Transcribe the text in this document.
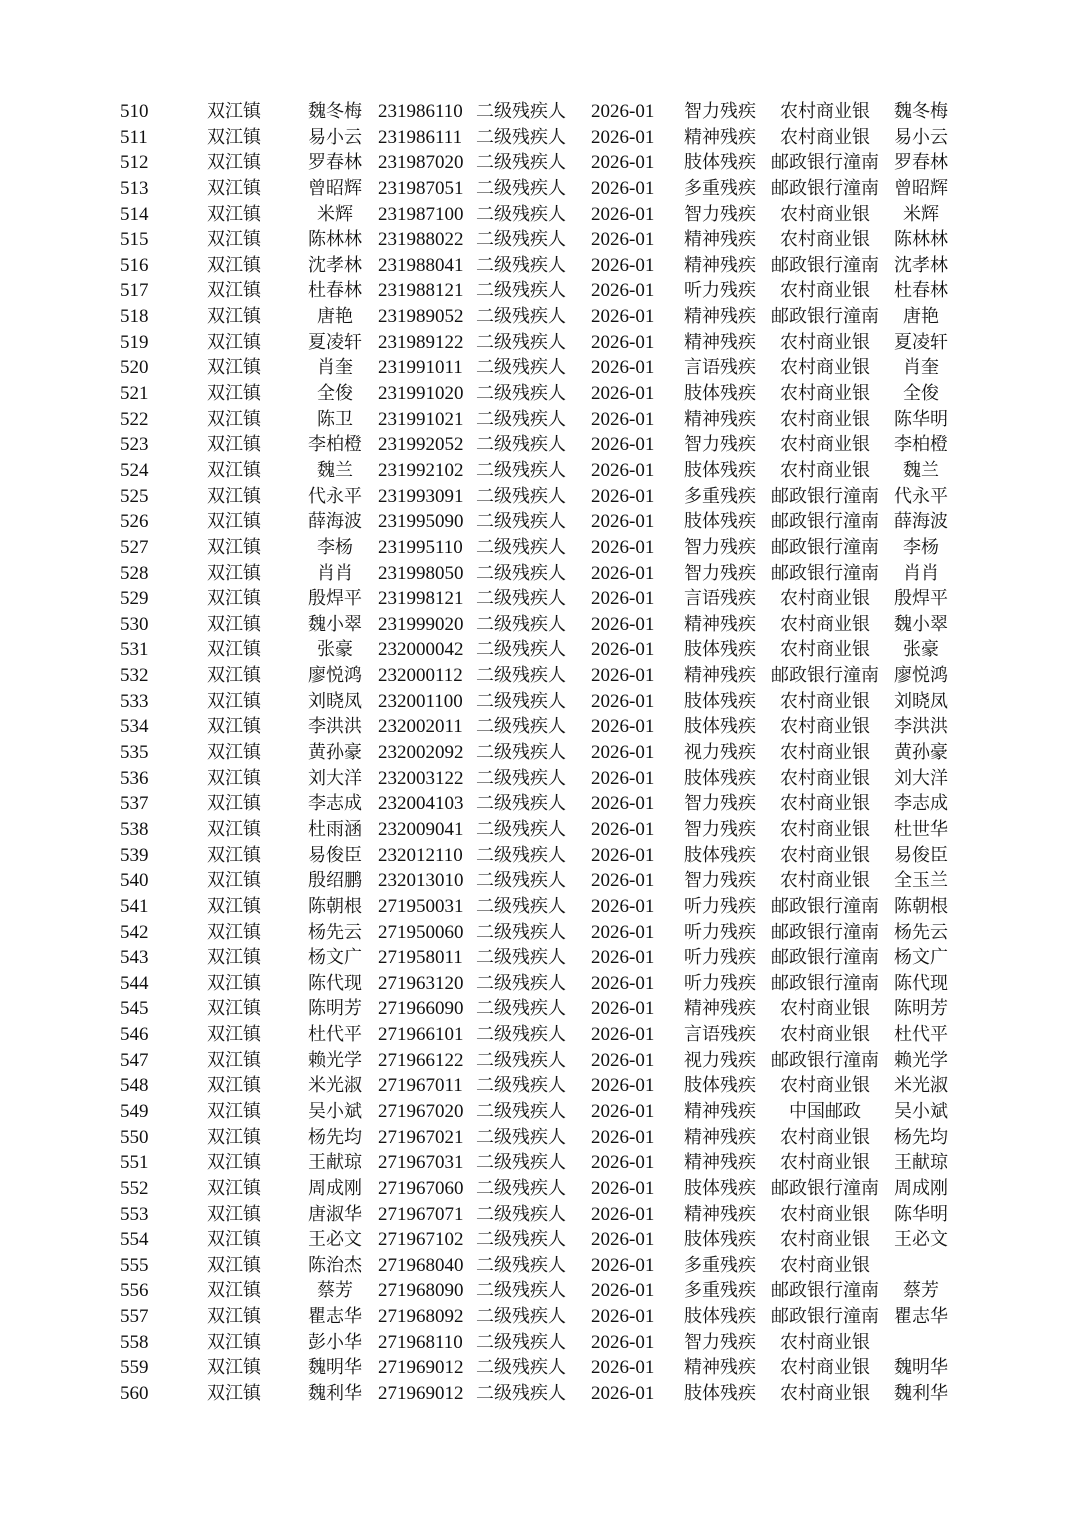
510	双江镇	魏冬梅 231986110 二级残疾人	2026-01	智力残疾	农村商业银	魏冬梅
511	双江镇	易小云 231986111 二级残疾人	2026-01	精神残疾	农村商业银	易小云
512	双江镇	罗春林 231987020 二级残疾人	2026-01	肢体残疾 邮政银行潼南 罗春林
513	双江镇	曾昭辉 231987051 二级残疾人	2026-01	多重残疾 邮政银行潼南 曾昭辉
514	双江镇	米辉	231987100 二级残疾人	2026-01	智力残疾	农村商业银	米辉
515	双江镇	陈林林 231988022 二级残疾人	2026-01	精神残疾	农村商业银	陈林林
516	双江镇	沈孝林 231988041 二级残疾人	2026-01	精神残疾 邮政银行潼南 沈孝林
517	双江镇	杜春林 231988121 二级残疾人	2026-01	听力残疾	农村商业银	杜春林
518	双江镇	唐艳	231989052 二级残疾人	2026-01	精神残疾 邮政银行潼南	唐艳
519	双江镇	夏凌轩 231989122 二级残疾人	2026-01	精神残疾	农村商业银	夏凌轩
520	双江镇	肖奎	231991011 二级残疾人	2026-01	言语残疾	农村商业银	肖奎
521	双江镇	全俊	231991020 二级残疾人	2026-01	肢体残疾	农村商业银	全俊
522	双江镇	陈卫	231991021 二级残疾人	2026-01	精神残疾	农村商业银	陈华明
523	双江镇	李柏橙 231992052 二级残疾人	2026-01	智力残疾	农村商业银	李柏橙
524	双江镇	魏兰	231992102 二级残疾人	2026-01	肢体残疾	农村商业银	魏兰
525	双江镇	代永平 231993091 二级残疾人	2026-01	多重残疾 邮政银行潼南 代永平
526	双江镇	薛海波 231995090 二级残疾人	2026-01	肢体残疾 邮政银行潼南 薛海波
527	双江镇	李杨	231995110 二级残疾人	2026-01	智力残疾 邮政银行潼南	李杨
528	双江镇	肖肖	231998050 二级残疾人	2026-01	智力残疾 邮政银行潼南	肖肖
529	双江镇	殷焊平 231998121 二级残疾人	2026-01	言语残疾	农村商业银	殷焊平
530	双江镇	魏小翠 231999020 二级残疾人	2026-01	精神残疾	农村商业银	魏小翠
531	双江镇	张豪	232000042 二级残疾人	2026-01	肢体残疾	农村商业银	张豪
532	双江镇	廖悦鸿 232000112 二级残疾人	2026-01	精神残疾 邮政银行潼南 廖悦鸿
533	双江镇	刘晓凤 232001100 二级残疾人	2026-01	肢体残疾	农村商业银	刘晓凤
534	双江镇	李洪洪 232002011 二级残疾人	2026-01	肢体残疾	农村商业银	李洪洪
535	双江镇	黄孙豪 232002092 二级残疾人	2026-01	视力残疾	农村商业银	黄孙豪
536	双江镇	刘大洋 232003122 二级残疾人	2026-01	肢体残疾	农村商业银	刘大洋
537	双江镇	李志成 232004103 二级残疾人	2026-01	智力残疾	农村商业银	李志成
538	双江镇	杜雨涵 232009041 二级残疾人	2026-01	智力残疾	农村商业银	杜世华
539	双江镇	易俊臣 232012110 二级残疾人	2026-01	肢体残疾	农村商业银	易俊臣
540	双江镇	殷绍鹏 232013010 二级残疾人	2026-01	智力残疾	农村商业银	全玉兰
541	双江镇	陈朝根 271950031 二级残疾人	2026-01	听力残疾 邮政银行潼南 陈朝根
542	双江镇	杨先云 271950060 二级残疾人	2026-01	听力残疾 邮政银行潼南 杨先云
543	双江镇	杨文广 271958011 二级残疾人	2026-01	听力残疾 邮政银行潼南 杨文广
544	双江镇	陈代现 271963120 二级残疾人	2026-01	听力残疾 邮政银行潼南 陈代现
545	双江镇	陈明芳 271966090 二级残疾人	2026-01	精神残疾	农村商业银	陈明芳
546	双江镇	杜代平 271966101 二级残疾人	2026-01	言语残疾	农村商业银	杜代平
547	双江镇	赖光学 271966122 二级残疾人	2026-01	视力残疾 邮政银行潼南 赖光学
548	双江镇	米光淑 271967011 二级残疾人	2026-01	肢体残疾	农村商业银	米光淑
549	双江镇	吴小斌 271967020 二级残疾人	2026-01	精神残疾	中国邮政	吴小斌
550	双江镇	杨先均 271967021 二级残疾人	2026-01	精神残疾	农村商业银	杨先均
551	双江镇	王献琼 271967031 二级残疾人	2026-01	精神残疾	农村商业银	王献琼
552	双江镇	周成刚 271967060 二级残疾人	2026-01	肢体残疾 邮政银行潼南 周成刚
553	双江镇	唐淑华 271967071 二级残疾人	2026-01	精神残疾	农村商业银	陈华明
554	双江镇	王必文 271967102 二级残疾人	2026-01	肢体残疾	农村商业银	王必文
555	双江镇	陈治杰 271968040 二级残疾人	2026-01	多重残疾	农村商业银
556	双江镇	蔡芳	271968090 二级残疾人	2026-01	多重残疾 邮政银行潼南	蔡芳
557	双江镇	瞿志华 271968092 二级残疾人	2026-01	肢体残疾 邮政银行潼南 瞿志华
558	双江镇	彭小华 271968110 二级残疾人	2026-01	智力残疾	农村商业银
559	双江镇	魏明华 271969012 二级残疾人	2026-01	精神残疾	农村商业银	魏明华
560	双江镇	魏利华 271969012 二级残疾人	2026-01	肢体残疾	农村商业银	魏利华
